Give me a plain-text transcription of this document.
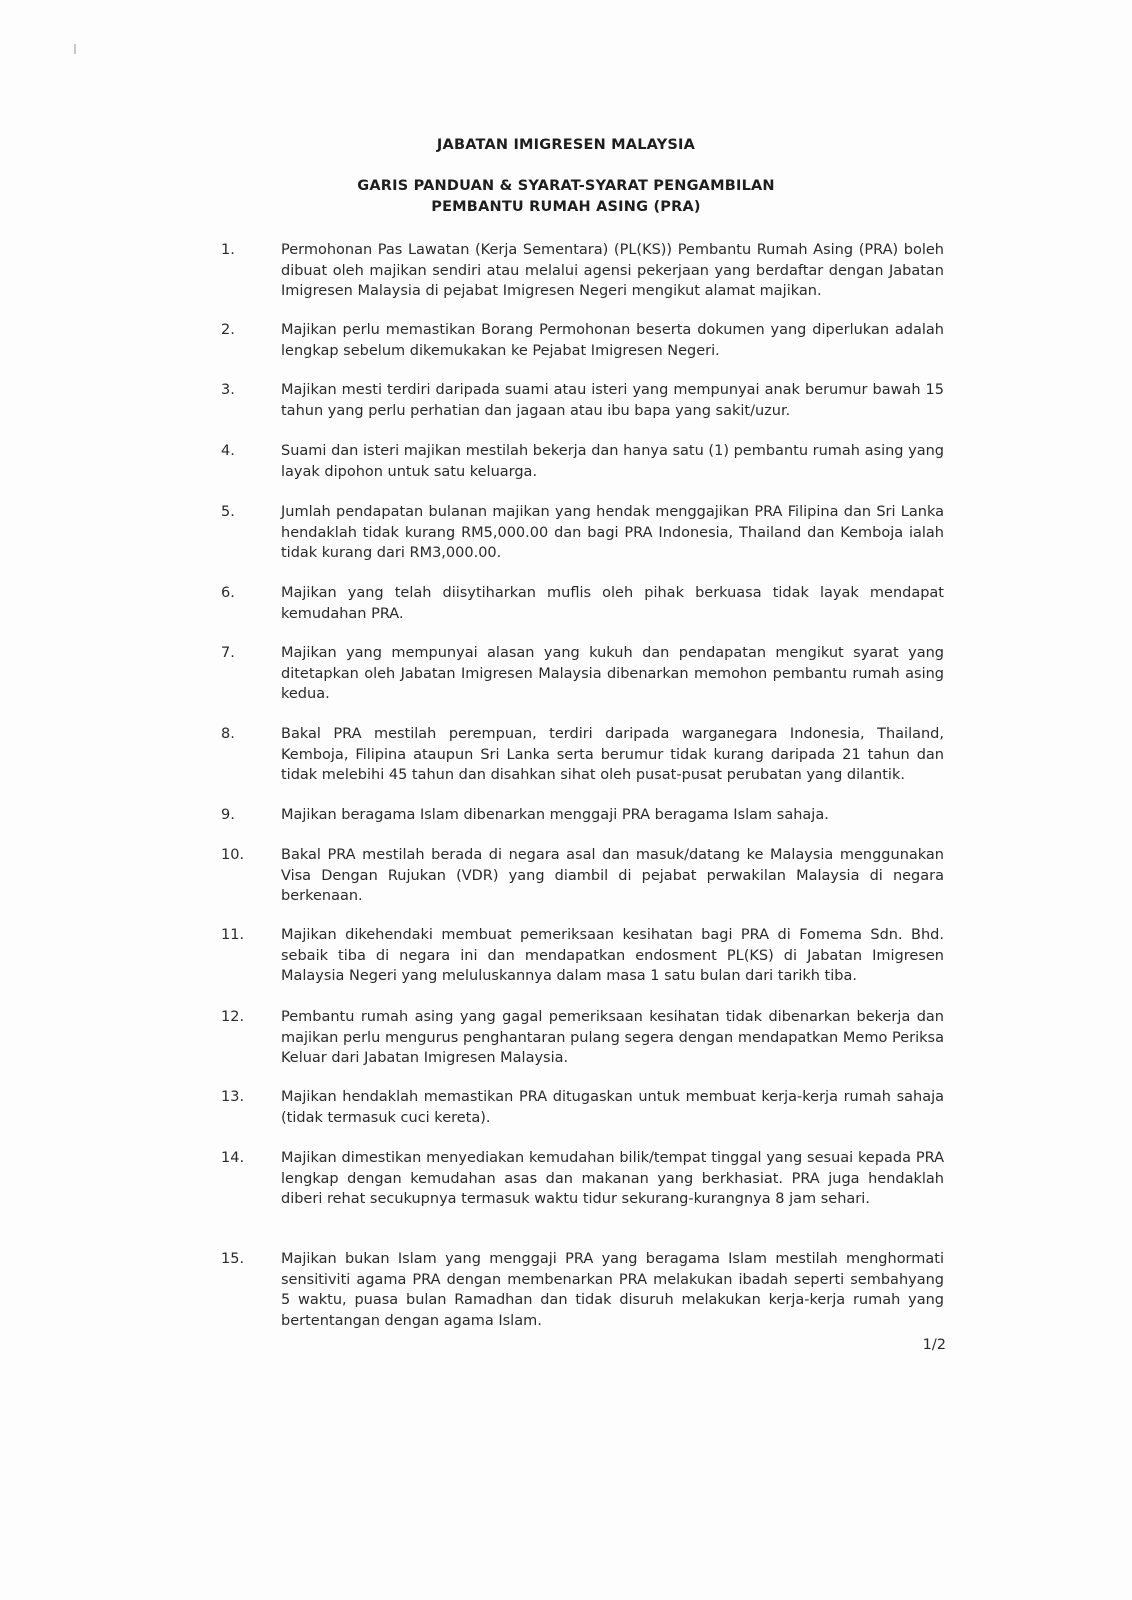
JABATAN IMIGRESEN MALAYSIA
GARIS PANDUAN & SYARAT-SYARAT PENGAMBILAN
PEMBANTU RUMAH ASING (PRA)
1.	Permohonan Pas Lawatan (Kerja Sementara) (PL(KS)) Pembantu Rumah Asing (PRA) boleh dibuat oleh majikan sendiri atau melalui agensi pekerjaan yang berdaftar dengan Jabatan Imigresen Malaysia di pejabat Imigresen Negeri mengikut alamat majikan.
2.	Majikan perlu memastikan Borang Permohonan beserta dokumen yang diperlukan adalah lengkap sebelum dikemukakan ke Pejabat Imigresen Negeri.
3.	Majikan mesti terdiri daripada suami atau isteri yang mempunyai anak berumur bawah 15 tahun yang perlu perhatian dan jagaan atau ibu bapa yang sakit/uzur.
4.	Suami dan isteri majikan mestilah bekerja dan hanya satu (1) pembantu rumah asing yang layak dipohon untuk satu keluarga.
5.	Jumlah pendapatan bulanan majikan yang hendak menggajikan PRA Filipina dan Sri Lanka hendaklah tidak kurang RM5,000.00 dan bagi PRA Indonesia, Thailand dan Kemboja ialah tidak kurang dari RM3,000.00.
6.	Majikan yang telah diisytiharkan muflis oleh pihak berkuasa tidak layak mendapat kemudahan PRA.
7.	Majikan yang mempunyai alasan yang kukuh dan pendapatan mengikut syarat yang ditetapkan oleh Jabatan Imigresen Malaysia dibenarkan memohon pembantu rumah asing kedua.
8.	Bakal PRA mestilah perempuan, terdiri daripada warganegara Indonesia, Thailand, Kemboja, Filipina ataupun Sri Lanka serta berumur tidak kurang daripada 21 tahun dan tidak melebihi 45 tahun dan disahkan sihat oleh pusat-pusat perubatan yang dilantik.
9.	Majikan beragama Islam dibenarkan menggaji PRA beragama Islam sahaja.
10.	Bakal PRA mestilah berada di negara asal dan masuk/datang ke Malaysia menggunakan Visa Dengan Rujukan (VDR) yang diambil di pejabat perwakilan Malaysia di negara berkenaan.
11.	Majikan dikehendaki membuat pemeriksaan kesihatan bagi PRA di Fomema Sdn. Bhd. sebaik tiba di negara ini dan mendapatkan endosment PL(KS) di Jabatan Imigresen Malaysia Negeri yang meluluskannya dalam masa 1 satu bulan dari tarikh tiba.
12.	Pembantu rumah asing yang gagal pemeriksaan kesihatan tidak dibenarkan bekerja dan majikan perlu mengurus penghantaran pulang segera dengan mendapatkan Memo Periksa Keluar dari Jabatan Imigresen Malaysia.
13.	Majikan hendaklah memastikan PRA ditugaskan untuk membuat kerja-kerja rumah sahaja (tidak termasuk cuci kereta).
14.	Majikan dimestikan menyediakan kemudahan bilik/tempat tinggal yang sesuai kepada PRA lengkap dengan kemudahan asas dan makanan yang berkhasiat. PRA juga hendaklah diberi rehat secukupnya termasuk waktu tidur sekurang-kurangnya 8 jam sehari.
15.	Majikan bukan Islam yang menggaji PRA yang beragama Islam mestilah menghormati sensitiviti agama PRA dengan membenarkan PRA melakukan ibadah seperti sembahyang 5 waktu, puasa bulan Ramadhan dan tidak disuruh melakukan kerja-kerja rumah yang bertentangan dengan agama Islam.
1/2
